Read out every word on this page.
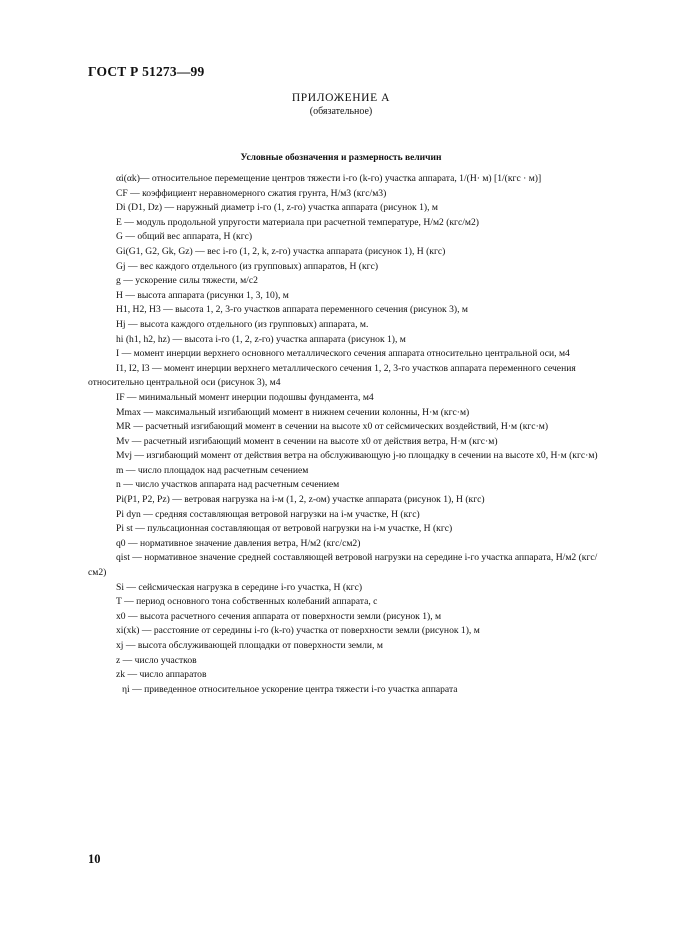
ГОСТ Р 51273—99
ПРИЛОЖЕНИЕ А
(обязательное)
Условные обозначения и размерность величин

αi(αk)— относительное перемещение центров тяжести i-го (k-го) участка аппарата, 1/(H· м) [1/(кгс · м)]

CF — коэффициент неравномерного сжатия грунта, Н/м3 (кгс/м3)

Di (D1, Dz) — наружный диаметр i-го (1, z-го) участка аппарата (рисунок 1), м

E — модуль продольной упругости материала при расчетной температуре, Н/м2 (кгс/м2)

G — общий вес аппарата, Н (кгс)

Gi(G1, G2, Gk, Gz) — вес i-го (1, 2, k, z-го) участка аппарата (рисунок 1), Н (кгс)

Gj — вес каждого отдельного (из групповых) аппаратов, Н (кгс)

g — ускорение силы тяжести, м/с2

H — высота аппарата (рисунки 1, 3, 10), м

H1, H2, H3 — высота 1, 2, 3-го участков аппарата переменного сечения (рисунок 3), м

Hj — высота каждого отдельного (из групповых) аппарата, м.

hi (h1, h2, hz) — высота i-го (1, 2, z-го) участка аппарата (рисунок 1), м

I — момент инерции верхнего основного металлического сечения аппарата относительно центральной оси, м4

I1, I2, I3 — момент инерции верхнего металлического сечения 1, 2, 3-го участков аппарата переменного сечения относительно центральной оси (рисунок 3), м4

IF — минимальный момент инерции подошвы фундамента, м4

Mmax — максимальный изгибающий момент в нижнем сечении колонны, Н·м (кгс·м)

MR — расчетный изгибающий момент в сечении на высоте x0 от сейсмических воздействий, Н·м (кгс·м)

Mv — расчетный изгибающий момент в сечении на высоте x0 от действия ветра, Н·м (кгс·м)

Mvj — изгибающий момент от действия ветра на обслуживающую j-ю площадку в сечении на высоте x0, Н·м (кгс·м)

m — число площадок над расчетным сечением

n — число участков аппарата над расчетным сечением

Pi(P1, P2, Pz) — ветровая нагрузка на i-м (1, 2, z-ом) участке аппарата (рисунок 1), Н (кгс)

Pi dyn — средняя составляющая ветровой нагрузки на i-м участке, Н (кгс)

Pi st — пульсационная составляющая от ветровой нагрузки на i-м участке, Н (кгс)

q0 — нормативное значение давления ветра, Н/м2 (кгс/см2)

qist — нормативное значение средней составляющей ветровой нагрузки на середине i-го участка аппарата, Н/м2 (кгс/см2)

Si — сейсмическая нагрузка в середине i-го участка, Н (кгс)

T — период основного тона собственных колебаний аппарата, с

x0 — высота расчетного сечения аппарата от поверхности земли (рисунок 1), м

xi(xk) — расстояние от середины i-го (k-го) участка от поверхности земли (рисунок 1), м

xj — высота обслуживающей площадки от поверхности земли, м

z — число участков

zk — число аппаратов

ηi — приведенное относительное ускорение центра тяжести i-го участка аппарата

10
